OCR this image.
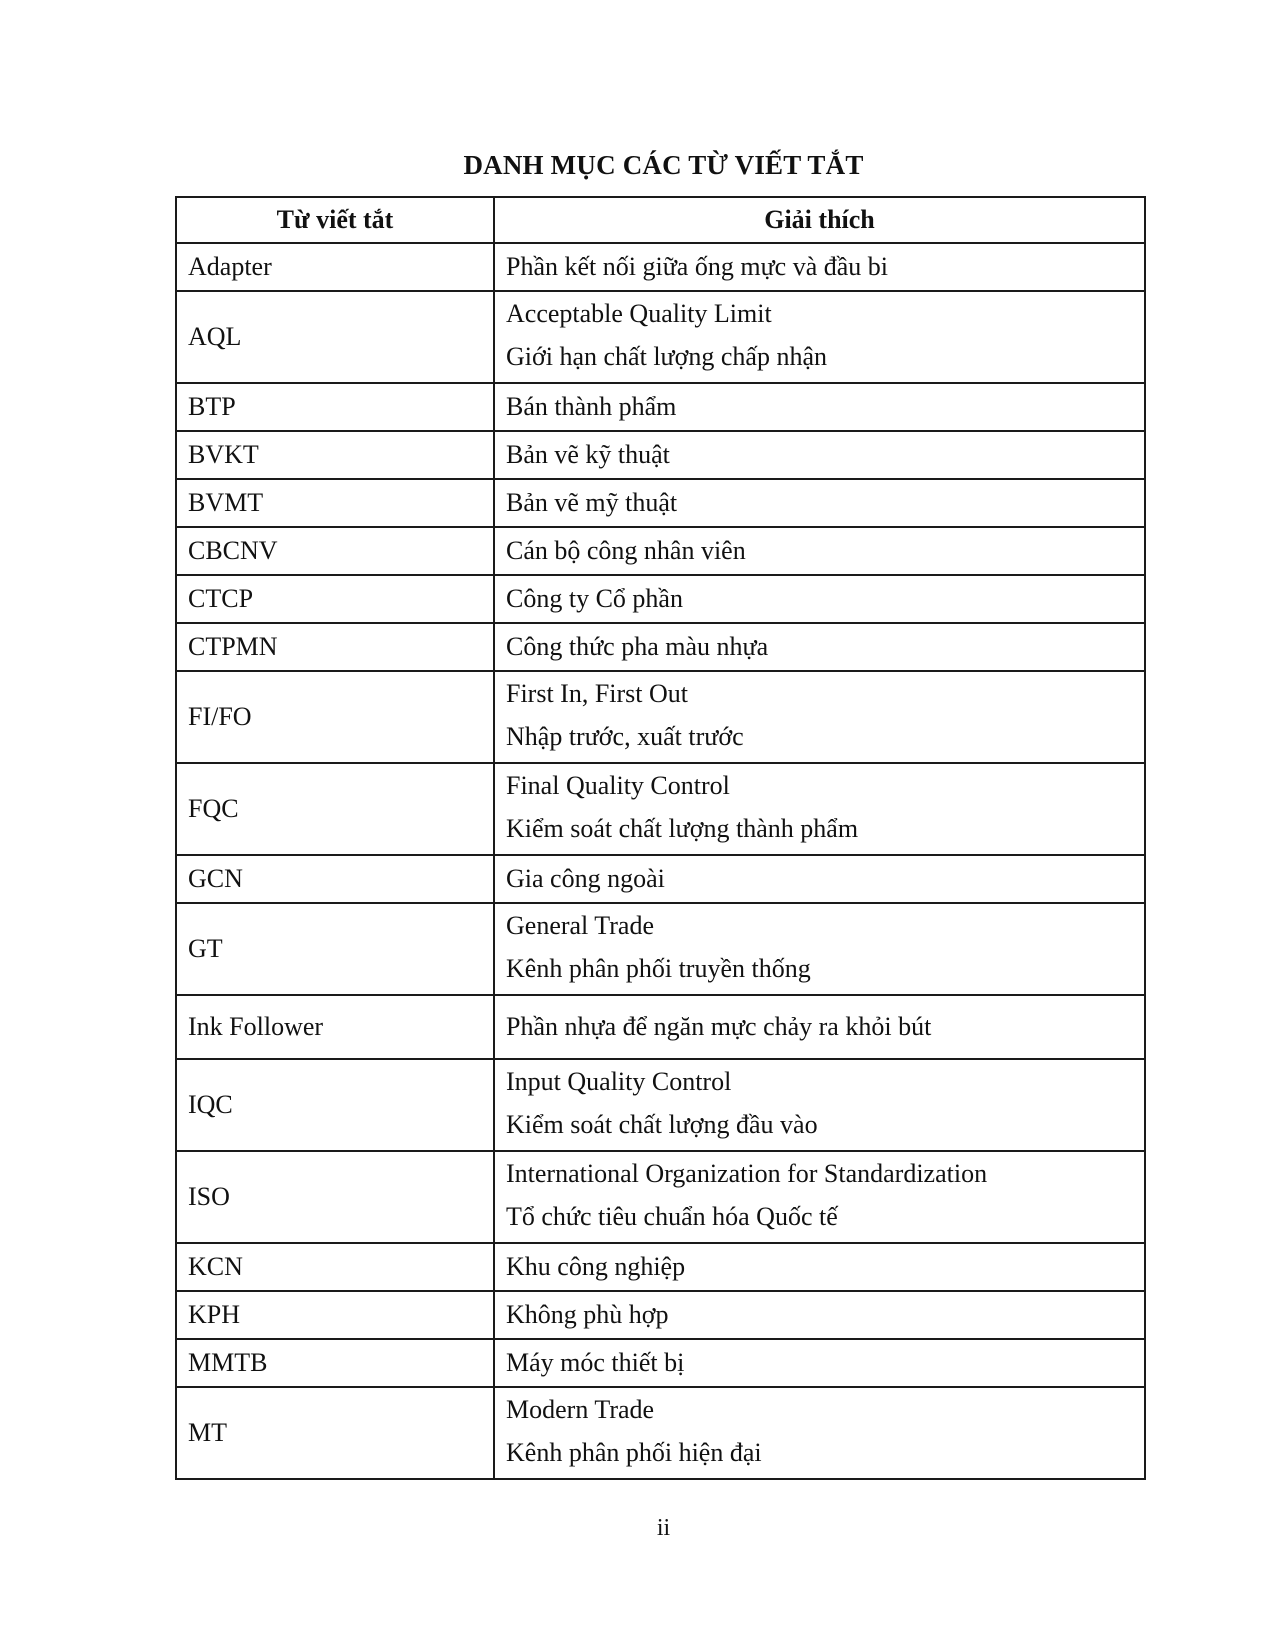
DANH MỤC CÁC TỪ VIẾT TẮT
Từ viết tắt	Giải thích
Adapter	Phần kết nối giữa ống mực và đầu bi

AQL	Acceptable Quality Limit
Giới hạn chất lượng chấp nhận

BTP	Bán thành phẩm

BVKT	Bản vẽ kỹ thuật

BVMT	Bản vẽ mỹ thuật

CBCNV	Cán bộ công nhân viên

CTCP	Công ty Cổ phần

CTPMN	Công thức pha màu nhựa

FI/FO	First In, First Out
Nhập trước, xuất trước

FQC	Final Quality Control
Kiểm soát chất lượng thành phẩm

GCN	Gia công ngoài

GT	General Trade
Kênh phân phối truyền thống

Ink Follower	Phần nhựa để ngăn mực chảy ra khỏi bút

IQC	Input Quality Control
Kiểm soát chất lượng đầu vào

ISO	International Organization for Standardization
Tổ chức tiêu chuẩn hóa Quốc tế

KCN	Khu công nghiệp

KPH	Không phù hợp

MMTB	Máy móc thiết bị

MT	Modern Trade
Kênh phân phối hiện đại
ii
